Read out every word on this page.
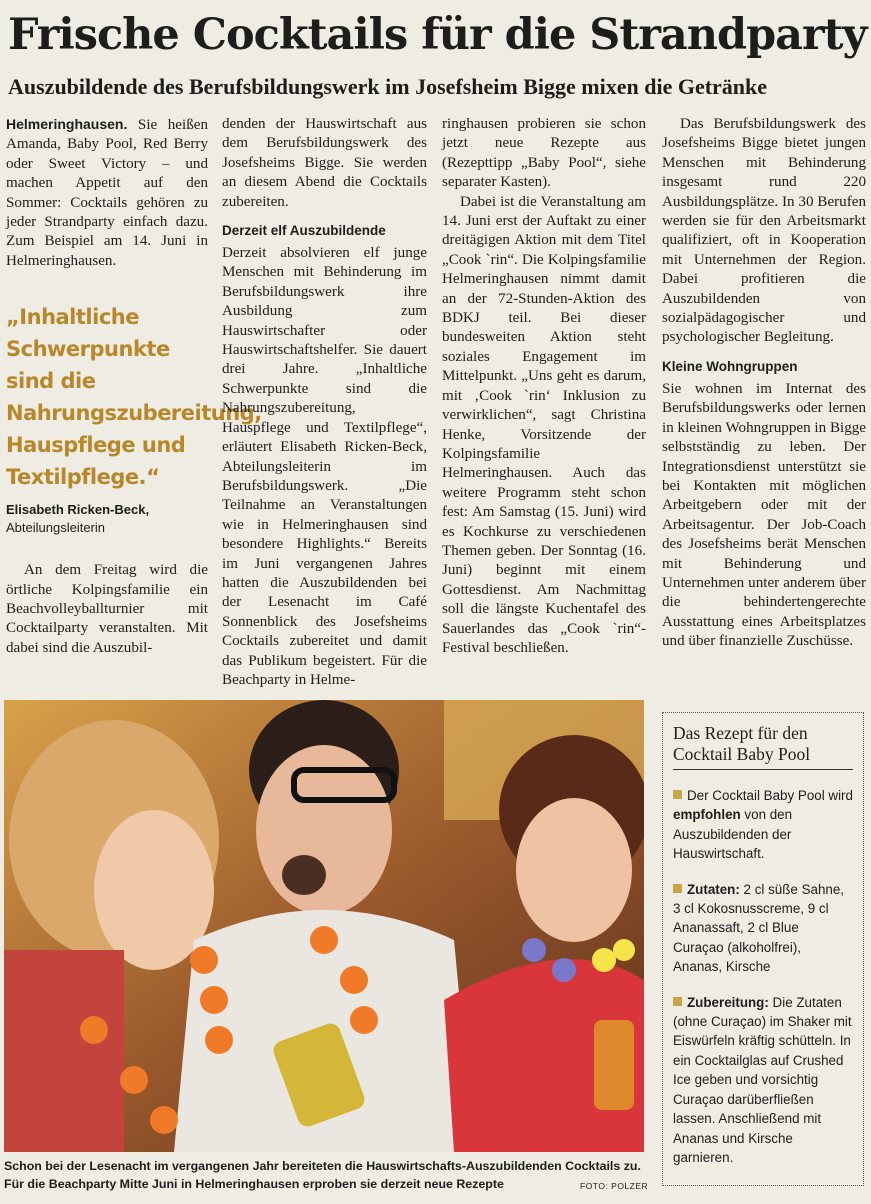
Frische Cocktails für die Strandparty
Auszubildende des Berufsbildungswerk im Josefsheim Bigge mixen die Getränke

Helmeringhausen. Sie heißen Amanda, Baby Pool, Red Berry oder Sweet Victory – und machen Appetit auf den Sommer: Cocktails gehören zu jeder Strandparty einfach dazu. Zum Beispiel am 14. Juni in Helmeringhausen.

„Inhaltliche Schwerpunkte sind die Nahrungszubereitung, Hauspflege und Textilpflege.“
Elisabeth Ricken-Beck, Abteilungsleiterin

An dem Freitag wird die örtliche Kolpingsfamilie ein Beachvolleyballturnier mit Cocktailparty veranstalten. Mit dabei sind die Auszubil-

denden der Hauswirtschaft aus dem Berufsbildungswerk des Josefsheims Bigge. Sie werden an diesem Abend die Cocktails zubereiten.

Derzeit elf Auszubildende

Derzeit absolvieren elf junge Menschen mit Behinderung im Berufsbildungswerk ihre Ausbildung zum Hauswirtschafter oder Hauswirtschaftshelfer. Sie dauert drei Jahre. „Inhaltliche Schwerpunkte sind die Nahrungszubereitung, Hauspflege und Textilpflege“, erläutert Elisabeth Ricken-Beck, Abteilungsleiterin im Berufsbildungswerk. „Die Teilnahme an Veranstaltungen wie in Helmeringhausen sind besondere Highlights.“ Bereits im Juni vergangenen Jahres hatten die Auszubildenden bei der Lesenacht im Café Sonnenblick des Josefsheims Cocktails zubereitet und damit das Publikum begeistert. Für die Beachparty in Helme-

ringhausen probieren sie schon jetzt neue Rezepte aus (Rezepttipp „Baby Pool“, siehe separater Kasten).

Dabei ist die Veranstaltung am 14. Juni erst der Auftakt zu einer dreitägigen Aktion mit dem Titel „Cook `rin“. Die Kolpingsfamilie Helmeringhausen nimmt damit an der 72-Stunden-Aktion des BDKJ teil. Bei dieser bundesweiten Aktion steht soziales Engagement im Mittelpunkt. „Uns geht es darum, mit ‚Cook `rin‘ Inklusion zu verwirklichen“, sagt Christina Henke, Vorsitzende der Kolpingsfamilie Helmeringhausen. Auch das weitere Programm steht schon fest: Am Samstag (15. Juni) wird es Kochkurse zu verschiedenen Themen geben. Der Sonntag (16. Juni) beginnt mit einem Gottesdienst. Am Nachmittag soll die längste Kuchentafel des Sauerlandes das „Cook `rin“-Festival beschließen.

Das Berufsbildungswerk des Josefsheims Bigge bietet jungen Menschen mit Behinderung insgesamt rund 220 Ausbildungsplätze. In 30 Berufen werden sie für den Arbeitsmarkt qualifiziert, oft in Kooperation mit Unternehmen der Region. Dabei profitieren die Auszubildenden von sozialpädagogischer und psychologischer Begleitung.

Kleine Wohngruppen

Sie wohnen im Internat des Berufsbildungswerks oder lernen in kleinen Wohngruppen in Bigge selbstständig zu leben. Der Integrationsdienst unterstützt sie bei Kontakten mit möglichen Arbeitgebern oder mit der Arbeitsagentur. Der Job-Coach des Josefsheims berät Menschen mit Behinderung und Unternehmen unter anderem über die behindertengerechte Ausstattung eines Arbeitsplatzes und über finanzielle Zuschüsse.

Schon bei der Lesenacht im vergangenen Jahr bereiteten die Hauswirtschafts-Auszubildenden Cocktails zu.
Für die Beachparty Mitte Juni in Helmeringhausen erproben sie derzeit neue Rezepte	FOTO: POLZER
Das Rezept für den Cocktail Baby Pool

Der Cocktail Baby Pool wird empfohlen von den Auszubildenden der Hauswirtschaft.

Zutaten: 2 cl süße Sahne, 3 cl Kokosnusscreme, 9 cl Ananassaft, 2 cl Blue Curaçao (alkoholfrei), Ananas, Kirsche

Zubereitung: Die Zutaten (ohne Curaçao) im Shaker mit Eiswürfeln kräftig schütteln. In ein Cocktailglas auf Crushed Ice geben und vorsichtig Curaçao darüberfließen lassen. Anschließend mit Ananas und Kirsche garnieren.
